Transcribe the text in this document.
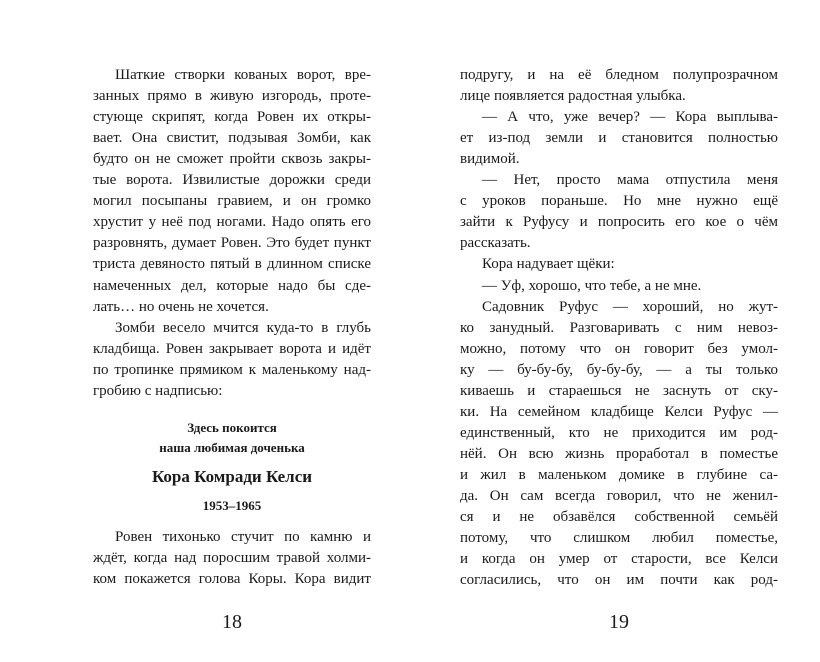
Здесь покоится
наша любимая доченька
Кора Комради Келси
1953–1965
18
Шаткие створки кованых ворот, вре-
занных прямо в живую изгородь, проте-
стующе скрипят, когда Ровен их откры-
вает. Она свистит, подзывая Зомби, как
будто он не сможет пройти сквозь закры-
тые ворота. Извилистые дорожки среди
могил посыпаны гравием, и он громко
хрустит у неё под ногами. Надо опять его
разровнять, думает Ровен. Это будет пункт
триста девяносто пятый в длинном списке
намеченных дел, которые надо бы сде-
лать… но очень не хочется.
Зомби весело мчится куда-то в глубь
кладбища. Ровен закрывает ворота и идёт
по тропинке прямиком к маленькому над-
гробию с надписью:
Ровен тихонько стучит по камню и
ждёт, когда над поросшим травой холми-
ком покажется голова Коры. Кора видит
19
подругу, и на её бледном полупрозрачном
лице появляется радостная улыбка.
— А что, уже вечер? — Кора выплыва-
ет из-под земли и становится полностью
видимой.
— Нет, просто мама отпустила меня
с уроков пораньше. Но мне нужно ещё
зайти к Руфусу и попросить его кое о чём
рассказать.
Кора надувает щёки:
— Уф, хорошо, что тебе, а не мне.
Садовник Руфус — хороший, но жут-
ко занудный. Разговаривать с ним невоз-
можно, потому что он говорит без умол-
ку — бу-бу-бу, бу-бу-бу, — а ты только
киваешь и стараешься не заснуть от ску-
ки. На семейном кладбище Келси Руфус —
единственный, кто не приходится им род-
нёй. Он всю жизнь проработал в поместье
и жил в маленьком домике в глубине са-
да. Он сам всегда говорил, что не женил-
ся и не обзавёлся собственной семьёй
потому, что слишком любил поместье,
и когда он умер от старости, все Келси
согласились, что он им почти как род-
